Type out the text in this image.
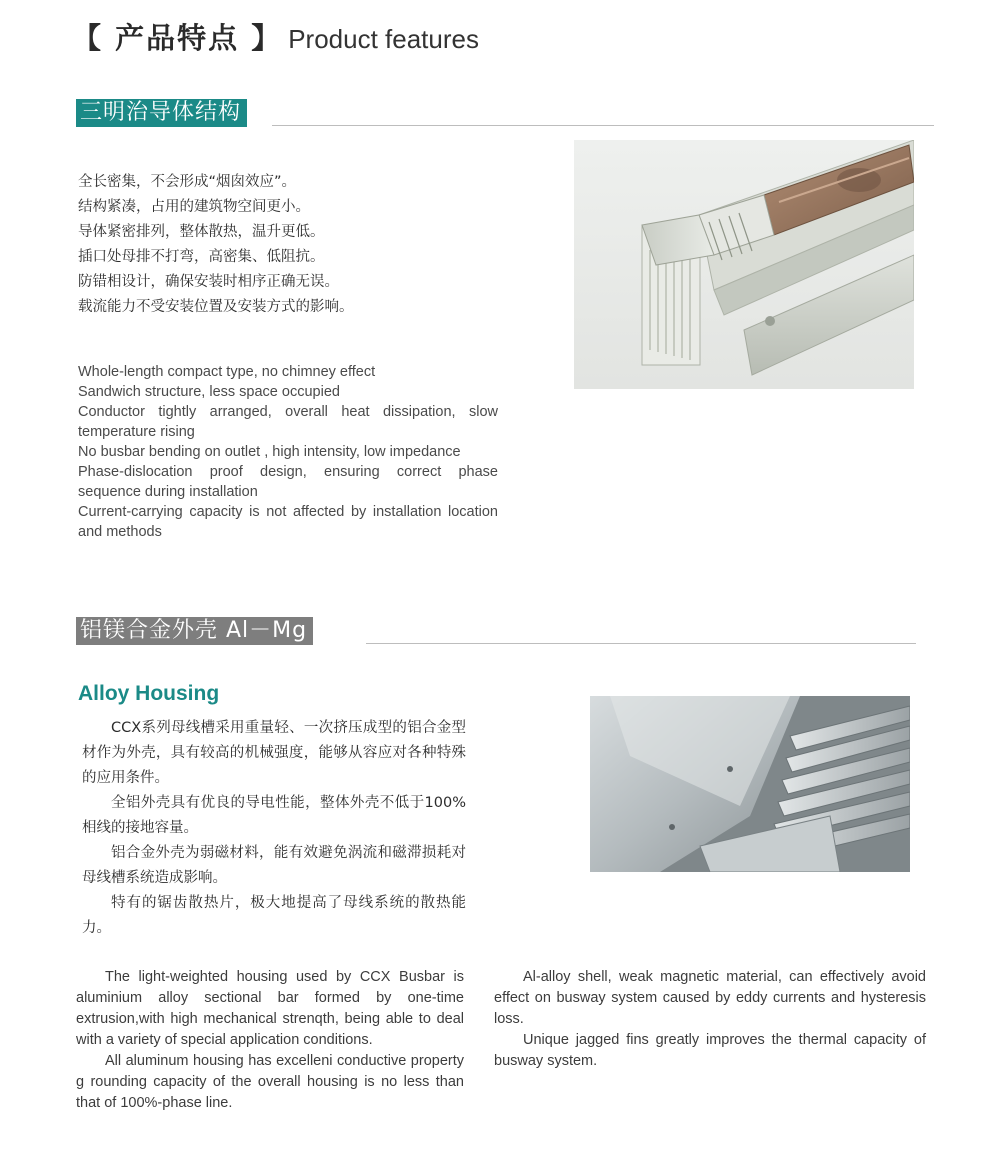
【 产品特点 】 Product features
三明治导体结构
全长密集，不会形成“烟囱效应”。
结构紧凑，占用的建筑物空间更小。
导体紧密排列，整体散热，温升更低。
插口处母排不打弯，高密集、低阻抗。
防错相设计，确保安装时相序正确无误。
载流能力不受安装位置及安装方式的影响。
Whole-length compact type, no chimney effect
Sandwich structure, less space occupied
Conductor tightly arranged, overall heat dissipation, slow temperature rising
No busbar bending on outlet , high intensity, low impedance
Phase-dislocation proof design, ensuring correct phase sequence during installation
Current-carrying capacity is not affected by installation location and methods
铝镁合金外壳 Al－Mg
Alloy Housing

CCX系列母线槽采用重量轻、一次挤压成型的铝合金型材作为外壳，具有较高的机械强度，能够从容应对各种特殊的应用条件。

全铝外壳具有优良的导电性能，整体外壳不低于100%相线的接地容量。

铝合金外壳为弱磁材料，能有效避免涡流和磁滞损耗对母线槽系统造成影响。

特有的锯齿散热片，极大地提高了母线系统的散热能力。

The light-weighted housing used by CCX Busbar is aluminium alloy sectional bar formed by one-time extrusion,with high mechanical strenqth, being able to deal with a variety of special application conditions.

All aluminum housing has excelleni conductive property g rounding capacity of the overall housing is no less than that of 100%-phase line.

Al-alloy shell, weak magnetic material, can effectively avoid effect on busway system caused by eddy currents and hysteresis loss.

Unique jagged fins greatly improves the thermal capacity of busway system.
